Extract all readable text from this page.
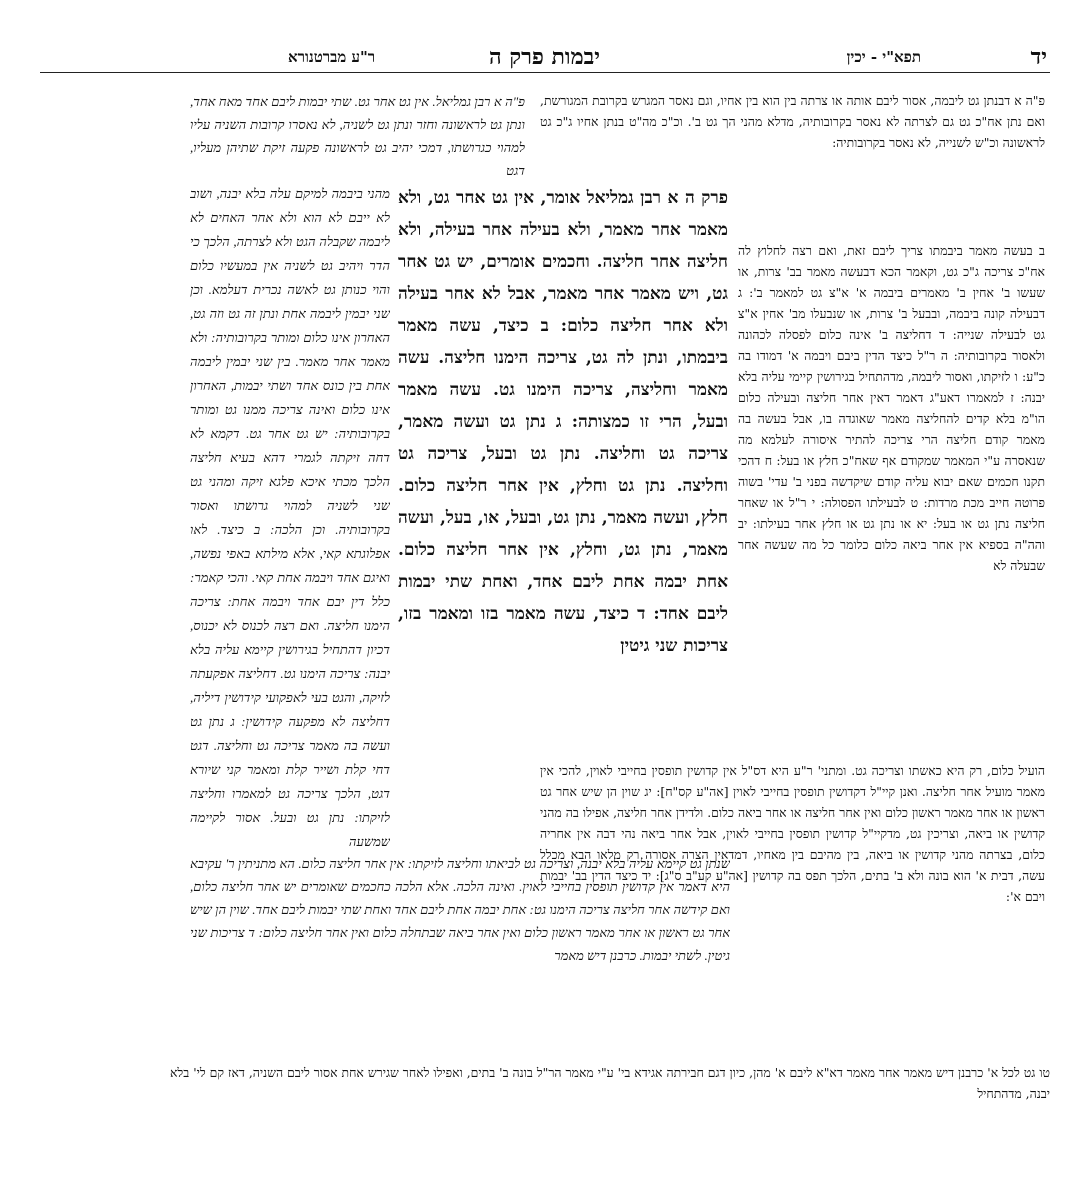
יד
תפא"י - יכין
יבמות פרק ה
ר"ע מברטנורא

פ"ה א דבנתן גט ליבמה, אסור ליבם אותה או צרתה בין הוא בין אחיו, וגם נאסר המגרש בקרובת המגורשת, ואם נתן אח"כ גט גם לצרתה לא נאסר בקרובותיה, מדלא מהני הך גט ב'. וכ"כ מה"ט בנתן אחיו ג"כ גט לראשונה וכ"ש לשנייה, לא נאסר בקרובותיה:

ב בעשה מאמר ביבמתו צריך ליבם זאת, ואם רצה לחלוץ לה אח"כ צריכה ג"כ גט, וקאמר הכא דבעשה מאמר בב' צרות, או שעשו ב' אחין ב' מאמרים ביבמה א' א"צ גט למאמר ב': ג דבעילה קונה ביבמה, ובבעל ב' צרות, או שנבעלו מב' אחין א"צ גט לבעילה שנייה: ד דחליצה ב' אינה כלום לפסלה לכהונה ולאסור בקרובותיה: ה ר"ל כיצד הדין ביבם ויבמה א' דמודו בה כ"ע: ו לזיקתו, ואסור ליבמה, מדהתחיל בגירושין קיימי עליה בלא יבנה: ז למאמרו דאע"ג דאמר דאין אחר חליצה ובעילה כלום הו"מ בלא קדים להחליצה מאמר שאוגדה בו, אבל בעשה בה מאמר קודם חליצה הרי צריכה להתיר איסורה לעלמא מה שנאסרה ע"י המאמר שמקודם אף שאח"כ חלץ או בעל: ח דהכי תקנו חכמים שאם יבוא עליה קודם שיקדשה בפני ב' עדי' בשוה פרוטה חייב מכת מרדות: ט לבעילתו הפסולה: י ר"ל או שאחר חליצה נתן גט או בעל: יא או נתן גט או חלץ אחר בעילתו: יב והה"ה בספיא אין אחר ביאה כלום כלומר כל מה שעשה אחר שבעלה לא

הועיל כלום, רק היא כאשתו וצריכה גט. ומתני' ר"ע היא דס"ל אין קדושין תופסין בחייבי לאוין, להכי אין מאמר מועיל אחר חליצה. ואנן קיי"ל דקדושין תופסין בחייבי לאוין [אה"ע קס"ח]: יג שוין הן שיש אחר גט ראשון או אחר מאמר ראשון כלום ואין אחר חליצה או אחר ביאה כלום. ולדידן אחר חליצה, אפילו בה מהני קדושין או ביאה, וצריכין גט, מדקיי"ל קדושין תופסין בחייבי לאוין, אבל אחר ביאה נהי דבה אין אחריה כלום, בצרתה מהני קדושין או ביאה, בין מהיבם בין מאחיו, דמדאין הצרה אסורה רק מלאו הבא מכלל עשה, דבית א' הוא בונה ולא ב' בתים, הלכך תפס בה קדושין [אה"ע קע"ב ס"ג]: יד כיצד הדין בב' יבמות ויבם א':

טו גט לכל א' כרבנן דיש מאמר אחר מאמר דא"א ליבם א' מהן, כיון דגם חבירתה אגידא בי' ע"י מאמר הר"ל בונה ב' בתים, ואפילו לאחר שגירש אחת אסור ליבם השניה, דאז קם לי' בלא יבנה, מדהתחיל

פרק ה א רבן גמליאל אומר, אין גט אחר גט, ולא מאמר אחר מאמר, ולא בעילה אחר בעילה, ולא חליצה אחר חליצה. וחכמים אומרים, יש גט אחר גט, ויש מאמר אחר מאמר, אבל לא אחר בעילה ולא אחר חליצה כלום: ב כיצד, עשה מאמר ביבמתו, ונתן לה גט, צריכה הימנו חליצה. עשה מאמר וחליצה, צריכה הימנו גט. עשה מאמר ובעל, הרי זו כמצותה: ג נתן גט ועשה מאמר, צריכה גט וחליצה. נתן גט ובעל, צריכה גט וחליצה. נתן גט וחלץ, אין אחר חליצה כלום. חלץ, ועשה מאמר, נתן גט, ובעל, או, בעל, ועשה מאמר, נתן גט, וחלץ, אין אחר חליצה כלום. אחת יבמה אחת ליבם אחד, ואחת שתי יבמות ליבם אחד: ד כיצד, עשה מאמר בזו ומאמר בזו, צריכות שני גיטין

פ"ה א רבן גמליאל. אין גט אחר גט. שתי יבמות ליבם אחד מאח אחד, ונתן גט לראשונה וחזר ונתן גט לשניה, לא נאסרו קרובות השניה עליו למהוי כגרושתו, דמכי יהיב גט לראשונה פקעה זיקת שתיהן מעליו, דגט

מהני ביבמה למיקם עלה בלא יבנה, ושוב לא ייבם לא הוא ולא אחר האחים לא ליבמה שקבלה הגט ולא לצרתה, הלכך כי הדר ויהיב גט לשניה אין במעשיו כלום והוי כנותן גט לאשה נכרית דעלמא. וכן שני יבמין ליבמה אחת ונתן זה גט וזה גט, האחרון אינו כלום ומותר בקרובותיה: ולא מאמר אחר מאמר. בין שני יבמין ליבמה אחת בין כונס אחד ושתי יבמות, האחרון אינו כלום ואינה צריכה ממנו גט ומותר בקרובותיה: יש גט אחר גט. דקמא לא דחה זיקתה לגמרי דהא בעיא חליצה הלכך מכתי איכא פלגא זיקה ומהני גט שני לשניה למהוי גרושתו ואסור בקרובותיה. וכן הלכה: ב כיצד. לאו אפלוגתא קאי, אלא מילתא באפי נפשה, ואיגם אחד ויבמה אחת קאי. והכי קאמר: כלל דין יבם אחד ויבמה אחת: צריכה הימנו חליצה. ואם רצה לכנוס לא יכנוס, דכיון דהתחיל בגירושין קיימא עליה בלא יבנה: צריכה הימנו גט. דחליצה אפקעתה לזיקה, והגט בעי לאפקועי קידושין דיליה, דחליצה לא מפקעה קידושין: ג נתן גט ועשה בה מאמר צריכה גט וחליצה. דגט דחי קלת ושייר קלת ומאמר קני שיורא דגט, הלכך צריכה גט למאמרו וחליצה לזיקתו: נתן גט ובעל. אסור לקיימה שמשעה

שנתן גט קיימא עליה בלא יבנה, וצריכה גט לביאתו וחליצה לזיקתו: אין אחר חליצה כלום. הא מתניתין ר' עקיבא היא דאמר אין קדושין תופסין בחייבי לאוין. ואינה הלכה. אלא הלכה כחכמים שאומרים יש אחר חליצה כלום, ואם קידשה אחר חליצה צריכה הימנו גט: אחת יבמה אחת ליבם אחד ואחת שתי יבמות ליבם אחד. שוין הן שיש אחר גט ראשון או אחר מאמר ראשון כלום ואין אחר ביאה שבתחלה כלום ואין אחר חליצה כלום: ד צריכות שני גיטין. לשתי יבמות. כרבנן דיש מאמר
